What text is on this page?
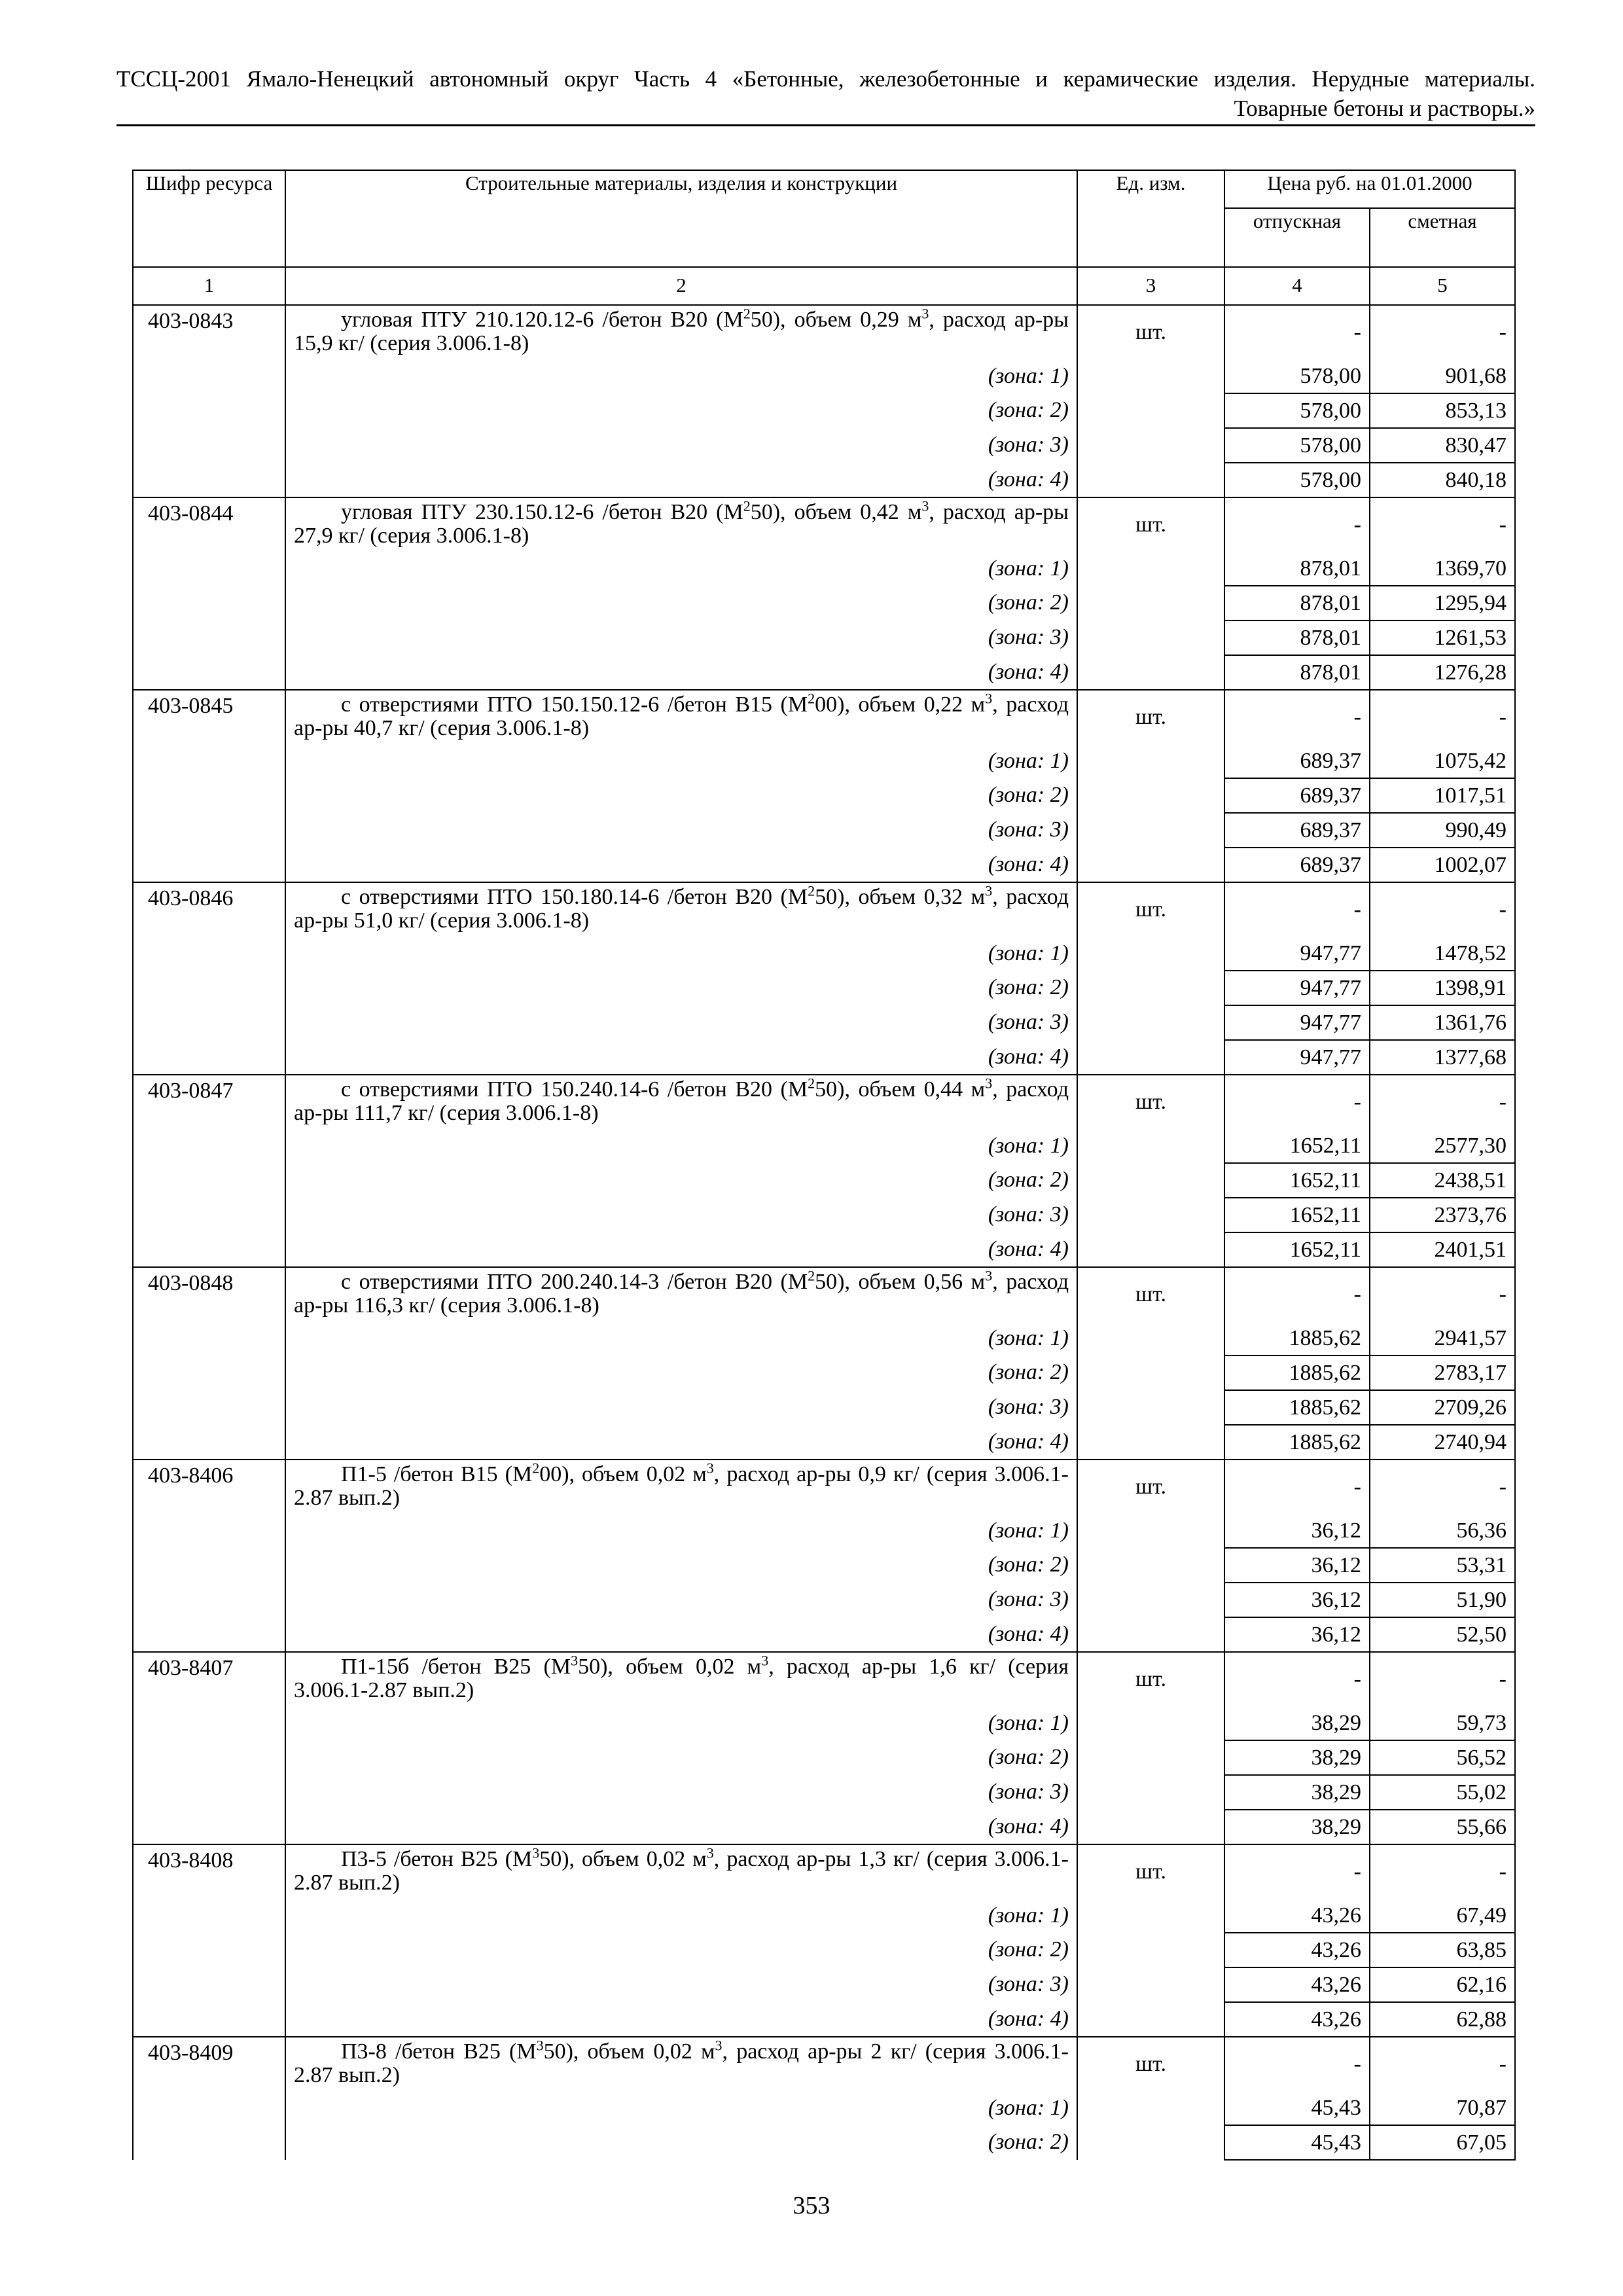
ТССЦ-2001 Ямало-Ненецкий автономный округ Часть 4 «Бетонные, железобетонные и керамические изделия. Нерудные материалы.
Товарные бетоны и растворы.»
Шифр ресурса	Строительные материалы, изделия и конструкции	Ед. изм.	Цена руб. на 01.01.2000	
			отпускная	сметная
1	2	3	4	5
403-0843	угловая ПТУ 210.120.12-6 /бетон В20 $(М^250)$, объем 0,29 $м^3$, расход ар-ры 15,9 кг/ (серия 3.006.1-8)	шт.	-	-
	(зона: 1)		578,00	901,68
	(зона: 2)		578,00	853,13
	(зона: 3)		578,00	830,47
	(зона: 4)		578,00	840,18
403-0844	угловая ПТУ 230.150.12-6 /бетон В20 $(М^250)$, объем 0,42 $м^3$, расход ар-ры 27,9 кг/ (серия 3.006.1-8)	шт.	-	-
	(зона: 1)		878,01	1369,70
	(зона: 2)		878,01	1295,94
	(зона: 3)		878,01	1261,53
	(зона: 4)		878,01	1276,28
403-0845	с отверстиями ПТО 150.150.12-6 /бетон В15 $(М^200)$, объем 0,22 $м^3$, расход ар-ры 40,7 кг/ (серия 3.006.1-8)	шт.	-	-
	(зона: 1)		689,37	1075,42
	(зона: 2)		689,37	1017,51
	(зона: 3)		689,37	990,49
	(зона: 4)		689,37	1002,07
403-0846	с отверстиями ПТО 150.180.14-6 /бетон В20 $(М^250)$, объем 0,32 $м^3$, расход ар-ры 51,0 кг/ (серия 3.006.1-8)	шт.	-	-
	(зона: 1)		947,77	1478,52
	(зона: 2)		947,77	1398,91
	(зона: 3)		947,77	1361,76
	(зона: 4)		947,77	1377,68
403-0847	с отверстиями ПТО 150.240.14-6 /бетон В20 $(М^250)$, объем 0,44 $м^3$, расход ар-ры 111,7 кг/ (серия 3.006.1-8)	шт.	-	-
	(зона: 1)		1652,11	2577,30
	(зона: 2)		1652,11	2438,51
	(зона: 3)		1652,11	2373,76
	(зона: 4)		1652,11	2401,51
403-0848	с отверстиями ПТО 200.240.14-3 /бетон В20 $(М^250)$, объем 0,56 $м^3$, расход ар-ры 116,3 кг/ (серия 3.006.1-8)	шт.	-	-
	(зона: 1)		1885,62	2941,57
	(зона: 2)		1885,62	2783,17
	(зона: 3)		1885,62	2709,26
	(зона: 4)		1885,62	2740,94
403-8406	П1-5 /бетон В15 $(М^200)$, объем 0,02 $м^3$, расход ар-ры 0,9 кг/ (серия 3.006.1-2.87 вып.2)	шт.	-	-
	(зона: 1)		36,12	56,36
	(зона: 2)		36,12	53,31
	(зона: 3)		36,12	51,90
	(зона: 4)		36,12	52,50
403-8407	П1-15б /бетон В25 $(М^350)$, объем 0,02 $м^3$, расход ар-ры 1,6 кг/ (серия 3.006.1-2.87 вып.2)	шт.	-	-
	(зона: 1)		38,29	59,73
	(зона: 2)		38,29	56,52
	(зона: 3)		38,29	55,02
	(зона: 4)		38,29	55,66
403-8408	П3-5 /бетон В25 $(М^350)$, объем 0,02 $м^3$, расход ар-ры 1,3 кг/ (серия 3.006.1-2.87 вып.2)	шт.	-	-
	(зона: 1)		43,26	67,49
	(зона: 2)		43,26	63,85
	(зона: 3)		43,26	62,16
	(зона: 4)		43,26	62,88
403-8409	П3-8 /бетон В25 $(М^350)$, объем 0,02 $м^3$, расход ар-ры 2 кг/ (серия 3.006.1-2.87 вып.2)	шт.	-	-
	(зона: 1)		45,43	70,87
	(зона: 2)		45,43	67,05
353
